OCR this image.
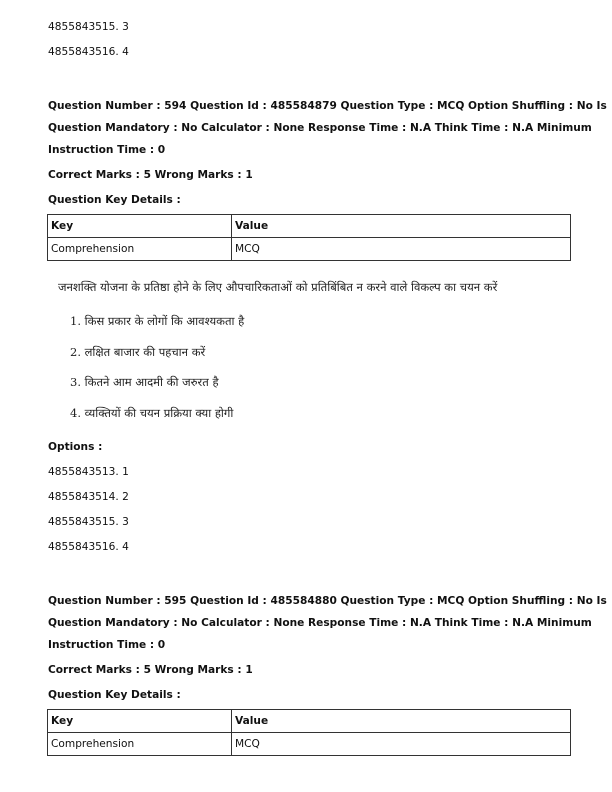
4855843515. 3
4855843516. 4
Question Number : 594 Question Id : 485584879 Question Type : MCQ Option Shuffling : No Is
Question Mandatory : No Calculator : None Response Time : N.A Think Time : N.A Minimum
Instruction Time : 0
Correct Marks : 5 Wrong Marks : 1
Question Key Details :
Key	Value
Comprehension	MCQ
जनशक्ति योजना के प्रतिष्ठा होने के लिए औपचारिकताओं को प्रतिबिंबित न करने वाले विकल्प का चयन करें
1. किस प्रकार के लोगों कि आवश्यकता है
2. लक्षित बाजार की पहचान करें
3. कितने आम आदमी की जरुरत है
4. व्यक्तियों की चयन प्रक्रिया क्या होगी
Options :
4855843513. 1
4855843514. 2
4855843515. 3
4855843516. 4
Question Number : 595 Question Id : 485584880 Question Type : MCQ Option Shuffling : No Is
Question Mandatory : No Calculator : None Response Time : N.A Think Time : N.A Minimum
Instruction Time : 0
Correct Marks : 5 Wrong Marks : 1
Question Key Details :
Key	Value
Comprehension	MCQ
